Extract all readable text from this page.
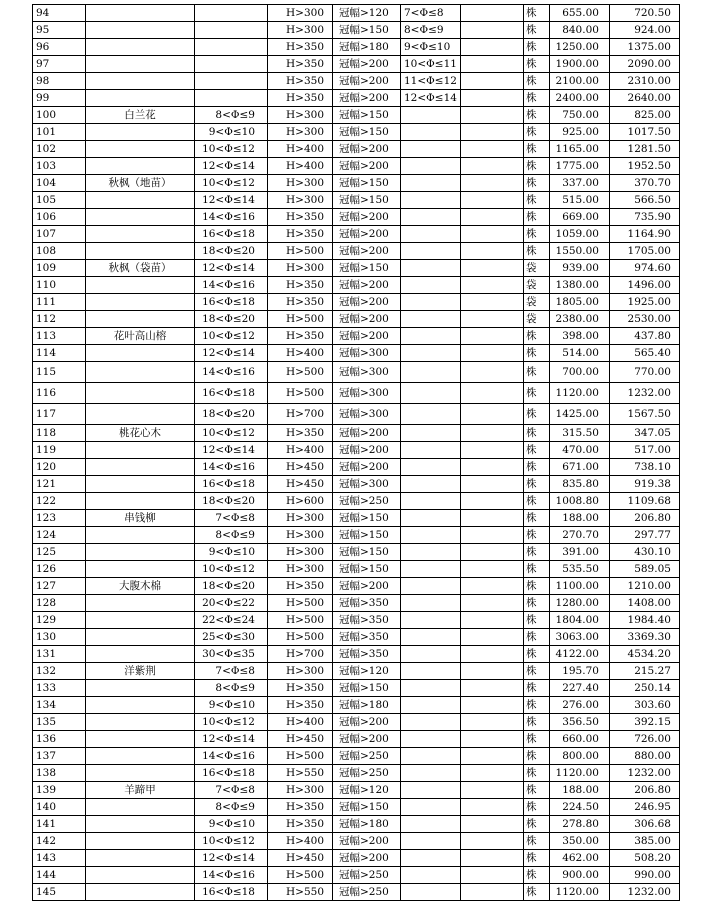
94			H>300	冠幅>120	7<Φ≤8		株	655.00	720.50
95			H>300	冠幅>150	8<Φ≤9		株	840.00	924.00
96			H>350	冠幅>180	9<Φ≤10		株	1250.00	1375.00
97			H>350	冠幅>200	10<Φ≤11		株	1900.00	2090.00
98			H>350	冠幅>200	11<Φ≤12		株	2100.00	2310.00
99			H>350	冠幅>200	12<Φ≤14		株	2400.00	2640.00
100	白兰花	8<Φ≤9	H>300	冠幅>150			株	750.00	825.00
101		9<Φ≤10	H>300	冠幅>150			株	925.00	1017.50
102		10<Φ≤12	H>400	冠幅>200			株	1165.00	1281.50
103		12<Φ≤14	H>400	冠幅>200			株	1775.00	1952.50
104	秋枫（地苗）	10<Φ≤12	H>300	冠幅>150			株	337.00	370.70
105		12<Φ≤14	H>300	冠幅>150			株	515.00	566.50
106		14<Φ≤16	H>350	冠幅>200			株	669.00	735.90
107		16<Φ≤18	H>350	冠幅>200			株	1059.00	1164.90
108		18<Φ≤20	H>500	冠幅>200			株	1550.00	1705.00
109	秋枫（袋苗）	12<Φ≤14	H>300	冠幅>150			袋	939.00	974.60
110		14<Φ≤16	H>350	冠幅>200			袋	1380.00	1496.00
111		16<Φ≤18	H>350	冠幅>200			袋	1805.00	1925.00
112		18<Φ≤20	H>500	冠幅>200			袋	2380.00	2530.00
113	花叶高山榕	10<Φ≤12	H>350	冠幅>200			株	398.00	437.80
114		12<Φ≤14	H>400	冠幅>300			株	514.00	565.40
115		14<Φ≤16	H>500	冠幅>300			株	700.00	770.00
116		16<Φ≤18	H>500	冠幅>300			株	1120.00	1232.00
117		18<Φ≤20	H>700	冠幅>300			株	1425.00	1567.50
118	桃花心木	10<Φ≤12	H>350	冠幅>200			株	315.50	347.05
119		12<Φ≤14	H>400	冠幅>200			株	470.00	517.00
120		14<Φ≤16	H>450	冠幅>200			株	671.00	738.10
121		16<Φ≤18	H>450	冠幅>300			株	835.80	919.38
122		18<Φ≤20	H>600	冠幅>250			株	1008.80	1109.68
123	串钱柳	7<Φ≤8	H>300	冠幅>150			株	188.00	206.80
124		8<Φ≤9	H>300	冠幅>150			株	270.70	297.77
125		9<Φ≤10	H>300	冠幅>150			株	391.00	430.10
126		10<Φ≤12	H>300	冠幅>150			株	535.50	589.05
127	大腹木棉	18<Φ≤20	H>350	冠幅>200			株	1100.00	1210.00
128		20<Φ≤22	H>500	冠幅>350			株	1280.00	1408.00
129		22<Φ≤24	H>500	冠幅>350			株	1804.00	1984.40
130		25<Φ≤30	H>500	冠幅>350			株	3063.00	3369.30
131		30<Φ≤35	H>700	冠幅>350			株	4122.00	4534.20
132	洋紫荆	7<Φ≤8	H>300	冠幅>120			株	195.70	215.27
133		8<Φ≤9	H>350	冠幅>150			株	227.40	250.14
134		9<Φ≤10	H>350	冠幅>180			株	276.00	303.60
135		10<Φ≤12	H>400	冠幅>200			株	356.50	392.15
136		12<Φ≤14	H>450	冠幅>200			株	660.00	726.00
137		14<Φ≤16	H>500	冠幅>250			株	800.00	880.00
138		16<Φ≤18	H>550	冠幅>250			株	1120.00	1232.00
139	羊蹄甲	7<Φ≤8	H>300	冠幅>120			株	188.00	206.80
140		8<Φ≤9	H>350	冠幅>150			株	224.50	246.95
141		9<Φ≤10	H>350	冠幅>180			株	278.80	306.68
142		10<Φ≤12	H>400	冠幅>200			株	350.00	385.00
143		12<Φ≤14	H>450	冠幅>200			株	462.00	508.20
144		14<Φ≤16	H>500	冠幅>250			株	900.00	990.00
145		16<Φ≤18	H>550	冠幅>250			株	1120.00	1232.00
